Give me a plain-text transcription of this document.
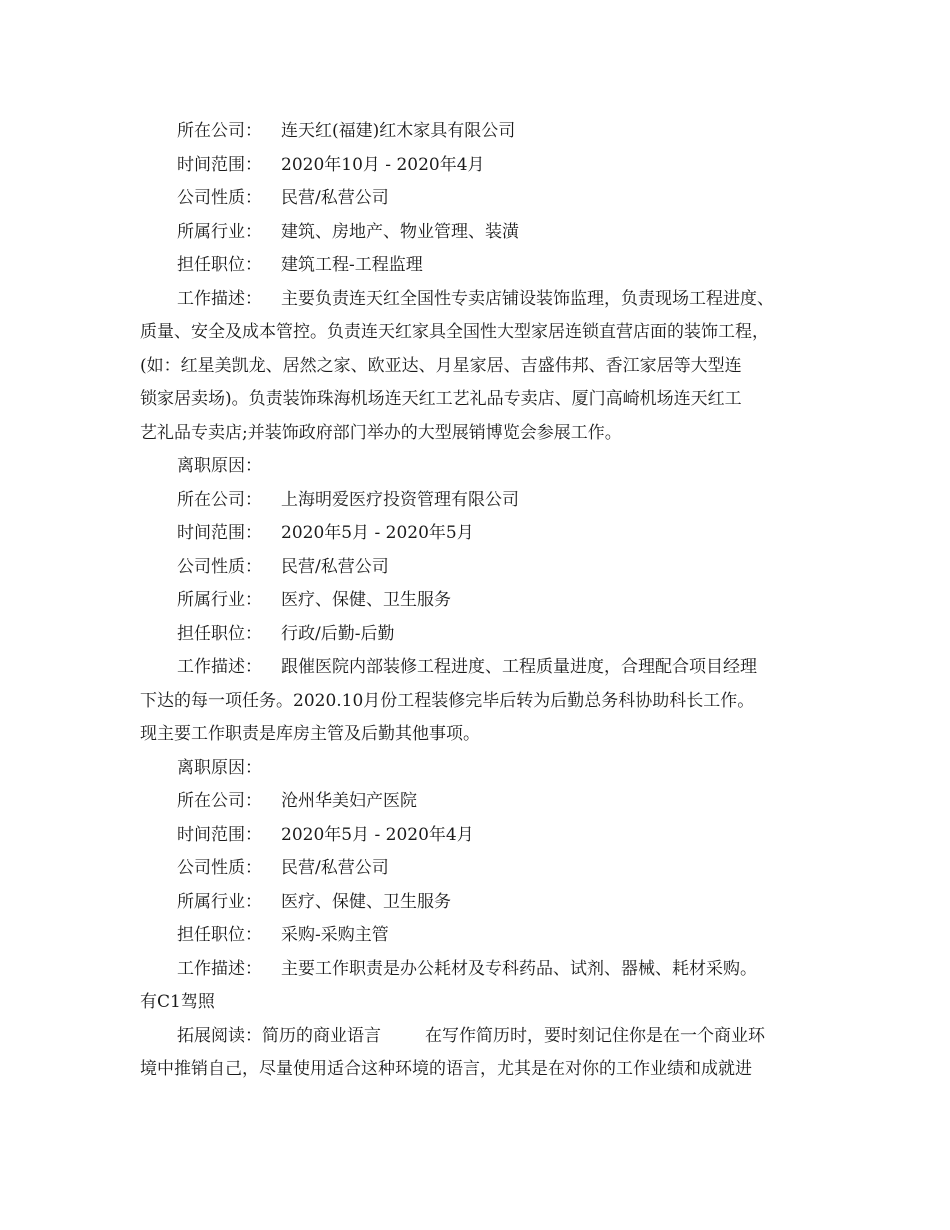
所在公司： 连天红(福建)红木家具有限公司
时间范围： 2020年10月 - 2020年4月
公司性质： 民营/私营公司
所属行业： 建筑、房地产、物业管理、装潢
担任职位： 建筑工程-工程监理
工作描述： 主要负责连天红全国性专卖店铺设装饰监理，负责现场工程进度、
质量、安全及成本管控。负责连天红家具全国性大型家居连锁直营店面的装饰工程，
(如：红星美凯龙、居然之家、欧亚达、月星家居、吉盛伟邦、香江家居等大型连
锁家居卖场)。负责装饰珠海机场连天红工艺礼品专卖店、厦门高崎机场连天红工
艺礼品专卖店;并装饰政府部门举办的大型展销博览会参展工作。
离职原因：
所在公司： 上海明爱医疗投资管理有限公司
时间范围： 2020年5月 - 2020年5月
公司性质： 民营/私营公司
所属行业： 医疗、保健、卫生服务
担任职位： 行政/后勤-后勤
工作描述： 跟催医院内部装修工程进度、工程质量进度，合理配合项目经理
下达的每一项任务。2020.10月份工程装修完毕后转为后勤总务科协助科长工作。
现主要工作职责是库房主管及后勤其他事项。
离职原因：
所在公司： 沧州华美妇产医院
时间范围： 2020年5月 - 2020年4月
公司性质： 民营/私营公司
所属行业： 医疗、保健、卫生服务
担任职位： 采购-采购主管
工作描述： 主要工作职责是办公耗材及专科药品、试剂、器械、耗材采购。
有C1驾照
拓展阅读：简历的商业语言	在写作简历时，要时刻记住你是在一个商业环
境中推销自己，尽量使用适合这种环境的语言，尤其是在对你的工作业绩和成就进
